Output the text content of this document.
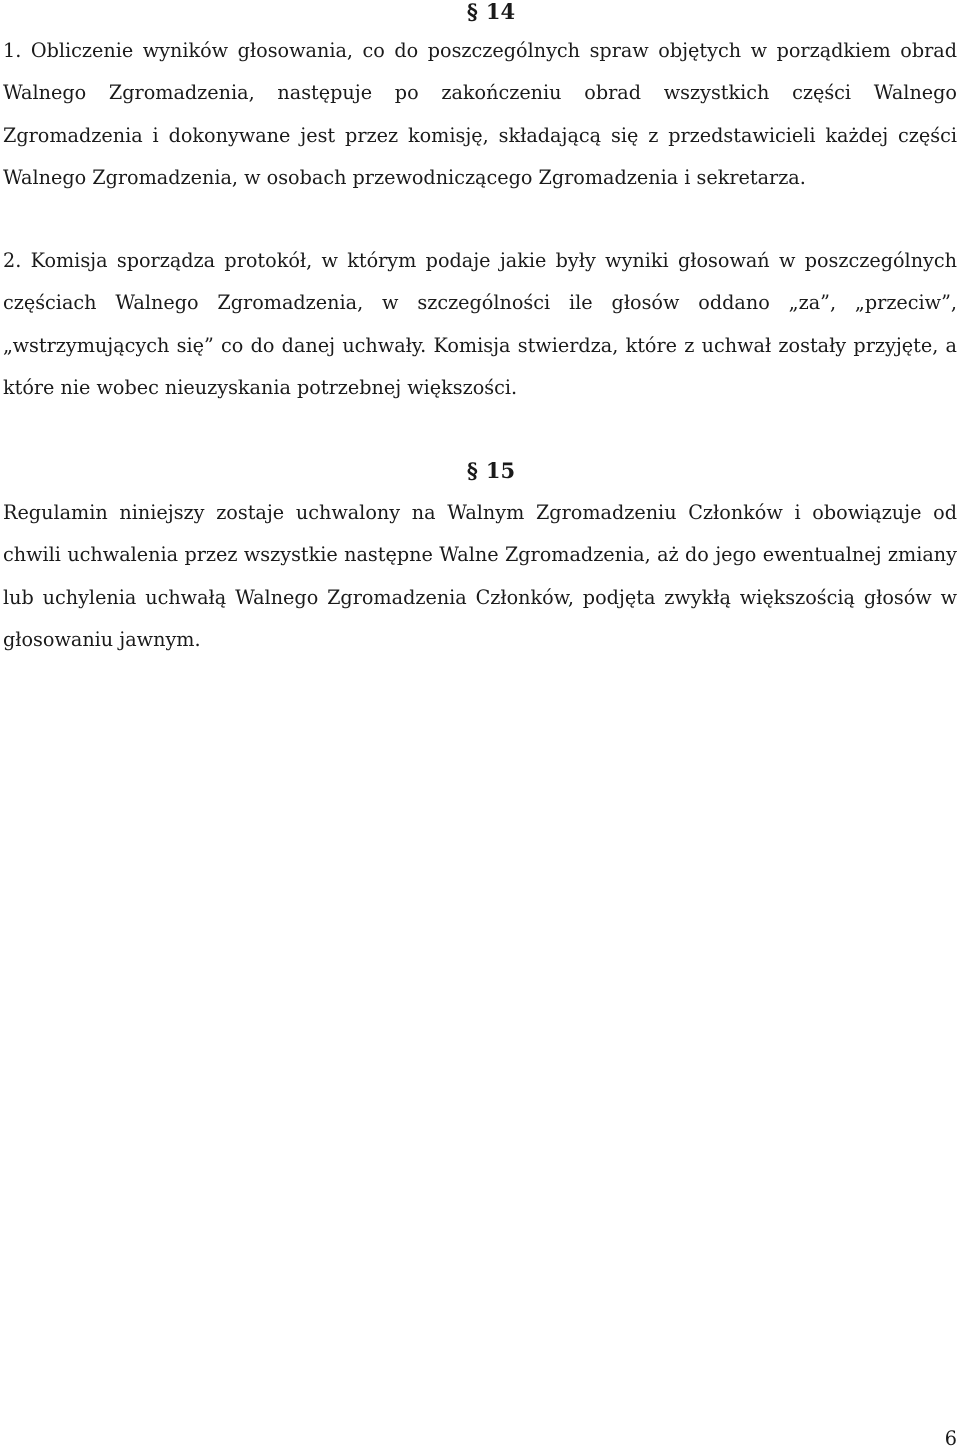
§ 14

1. Obliczenie wyników głosowania, co do poszczególnych spraw objętych w porządkiem obrad Walnego Zgromadzenia, następuje po zakończeniu obrad wszystkich części Walnego Zgromadzenia i dokonywane jest przez komisję, składającą się z przedstawicieli każdej części Walnego Zgromadzenia, w osobach przewodniczącego Zgromadzenia i sekretarza.

2. Komisja sporządza protokół, w którym podaje jakie były wyniki głosowań w poszczególnych częściach Walnego Zgromadzenia, w szczególności ile głosów oddano „za”, „przeciw”, „wstrzymujących się” co do danej uchwały. Komisja stwierdza, które z uchwał zostały przyjęte, a które nie wobec nieuzyskania potrzebnej większości.

§ 15

Regulamin niniejszy zostaje uchwalony na Walnym Zgromadzeniu Członków i obowiązuje od chwili uchwalenia przez wszystkie następne Walne Zgromadzenia, aż do jego ewentualnej zmiany lub uchylenia uchwałą Walnego Zgromadzenia Członków, podjęta zwykłą większością głosów w głosowaniu jawnym.

6
